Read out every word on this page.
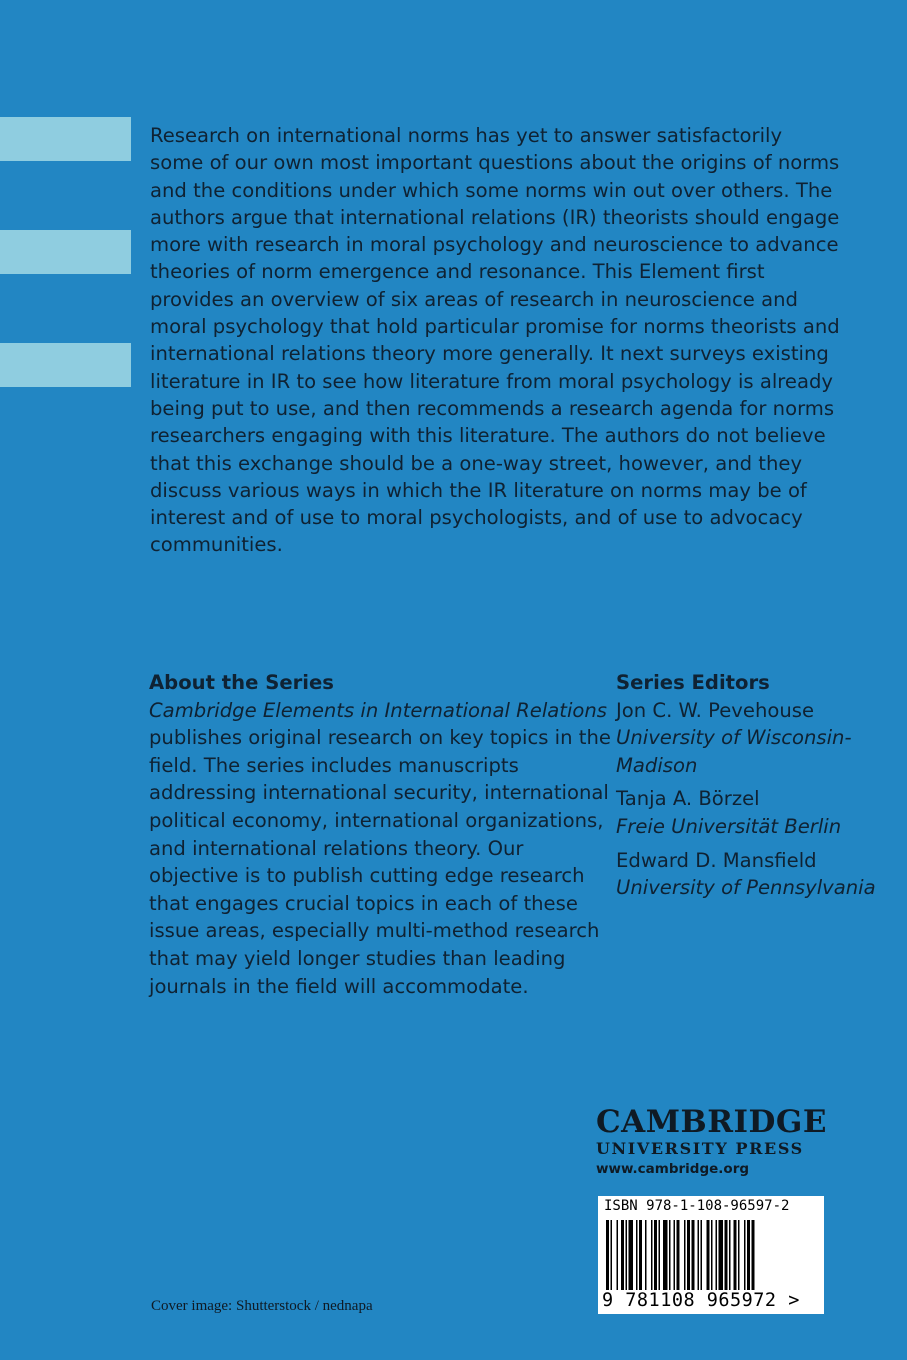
Research on international norms has yet to answer satisfactorily some of our own most important questions about the origins of norms and the conditions under which some norms win out over others. The authors argue that international relations (IR) theorists should engage more with research in moral psychology and neuroscience to advance theories of norm emergence and resonance. This Element first provides an overview of six areas of research in neuroscience and moral psychology that hold particular promise for norms theorists and international relations theory more generally. It next surveys existing literature in IR to see how literature from moral psychology is already being put to use, and then recommends a research agenda for norms researchers engaging with this literature. The authors do not believe that this exchange should be a one-way street, however, and they discuss various ways in which the IR literature on norms may be of interest and of use to moral psychologists, and of use to advocacy communities.

About the Series
Cambridge Elements in International Relations publishes original research on key topics in the field. The series includes manuscripts addressing international security, international political economy, international organizations, and international relations theory. Our objective is to publish cutting edge research that engages crucial topics in each of these issue areas, especially multi-method research that may yield longer studies than leading journals in the field will accommodate.
Series Editors
Jon C. W. Pevehouse
University of Wisconsin-Madison
Tanja A. Börzel
Freie Universität Berlin
Edward D. Mansfield
University of Pennsylvania
CAMBRIDGE
UNIVERSITY PRESS
www.cambridge.org
ISBN 978-1-108-96597-2
9 781108 965972 >
Cover image: Shutterstock / nednapa
